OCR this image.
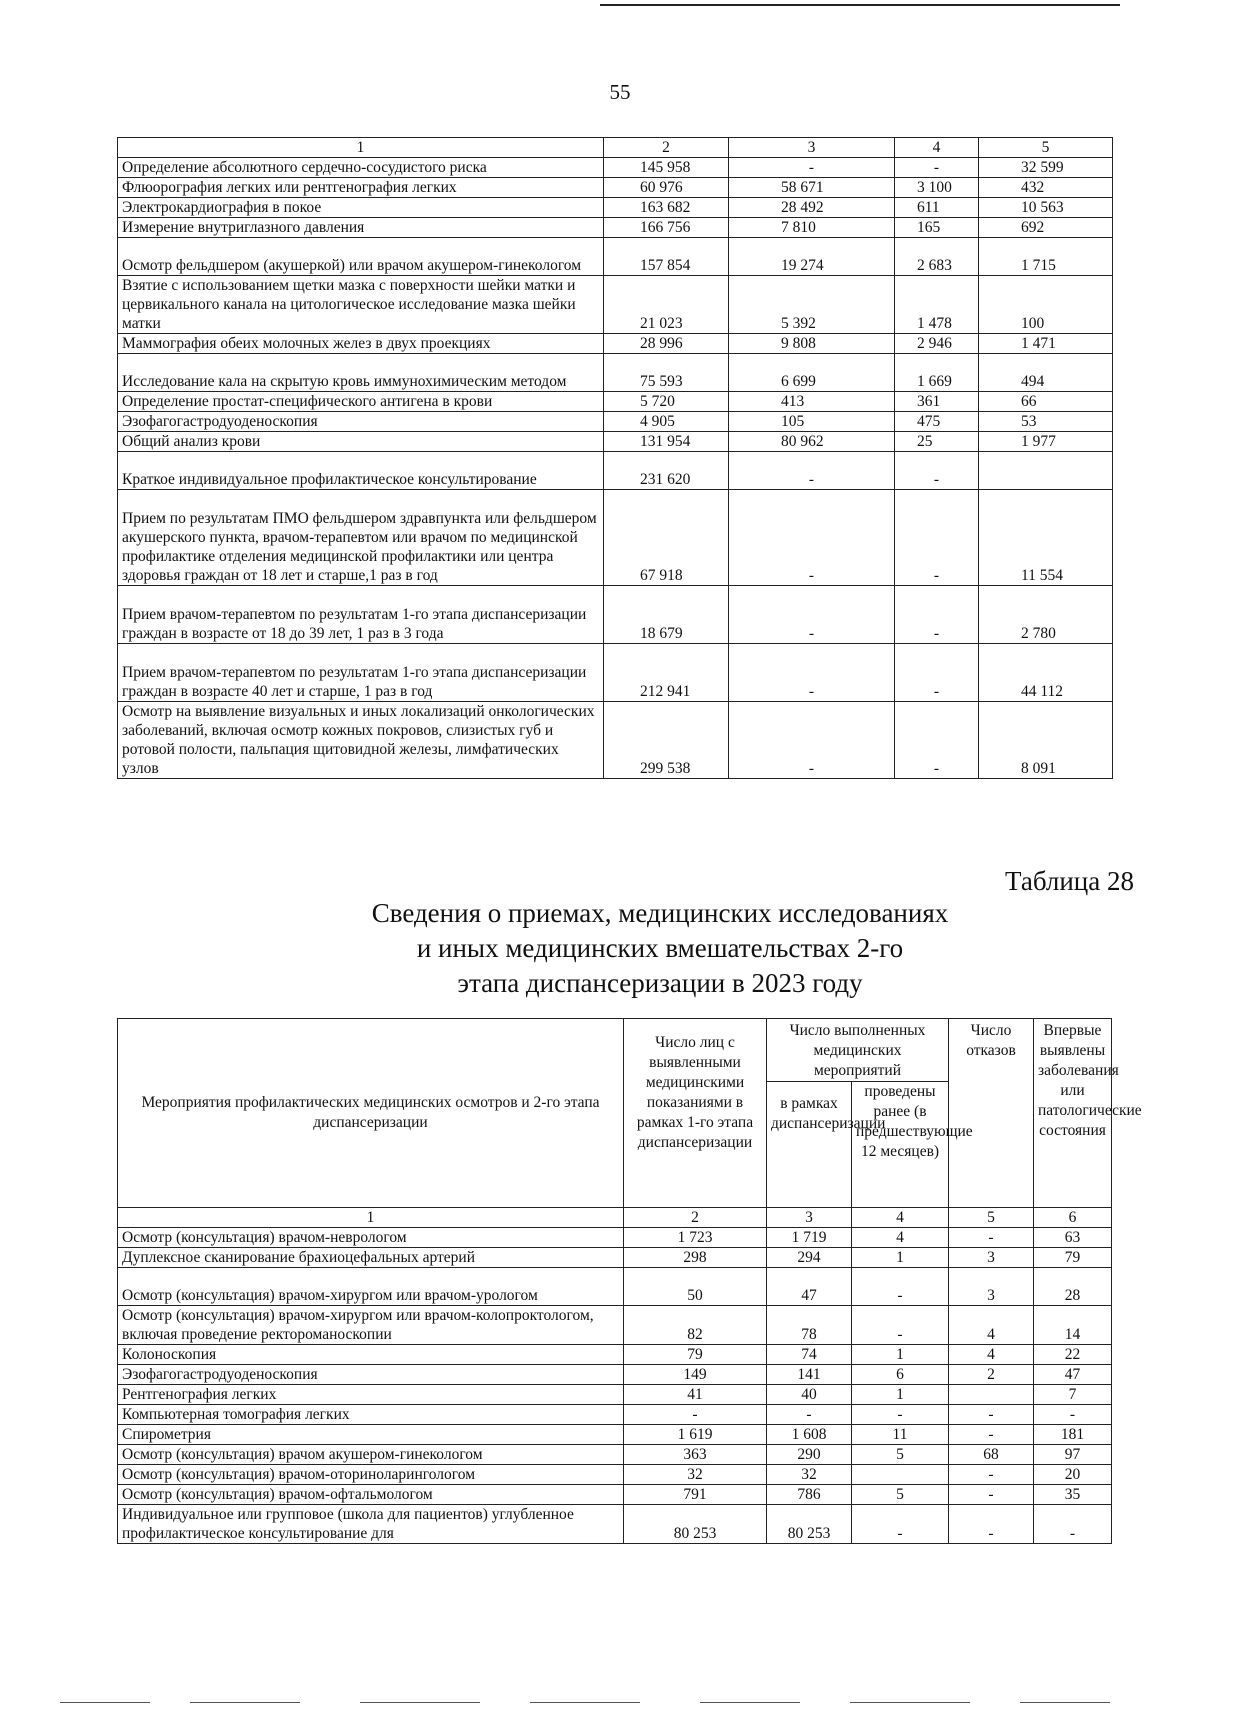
55
1	2	3	4	5
Определение абсолютного сердечно-сосудистого риска	145 958	-	-	32 599
Флюорография легких или рентгенография легких	60 976	58 671	3 100	432
Электрокардиография в покое	163 682	28 492	611	10 563
Измерение внутриглазного давления	166 756	7 810	165	692
Осмотр фельдшером (акушеркой) или врачом акушером-гинекологом	157 854	19 274	2 683	1 715
Взятие с использованием щетки мазка с поверхности шейки матки и цервикального канала на цитологическое исследование мазка шейки матки	21 023	5 392	1 478	100
Маммография обеих молочных желез в двух проекциях	28 996	9 808	2 946	1 471
Исследование кала на скрытую кровь иммунохимическим методом	75 593	6 699	1 669	494
Определение простат-специфического антигена в крови	5 720	413	361	66
Эзофагогастродуоденоскопия	4 905	105	475	53
Общий анализ крови	131 954	80 962	25	1 977
Краткое индивидуальное профилактическое консультирование	231 620	-	-	
Прием по результатам ПМО фельдшером здравпункта или фельдшером акушерского пункта, врачом-терапевтом или врачом по медицинской профилактике отделения медицинской профилактики или центра здоровья граждан от 18 лет и старше,1 раз в год	67 918	-	-	11 554
Прием врачом-терапевтом по результатам 1-го этапа диспансеризации граждан в возрасте от 18 до 39 лет, 1 раз в 3 года	18 679	-	-	2 780
Прием врачом-терапевтом по результатам 1-го этапа диспансеризации граждан в возрасте 40 лет и старше, 1 раз в год	212 941	-	-	44 112
Осмотр на выявление визуальных и иных локализаций онкологических заболеваний, включая осмотр кожных покровов, слизистых губ и ротовой полости, пальпация щитовидной железы, лимфатических узлов	299 538	-	-	8 091
Таблица 28
Сведения о приемах, медицинских исследованиях
и иных медицинских вмешательствах 2-го
этапа диспансеризации в 2023 году
Мероприятия профилактических медицинских осмотров и 2-го этапа диспансеризации	Число лиц с выявленными медицинскими показаниями в рамках 1-го этапа диспансеризации	Число выполненных медицинских мероприятий		Число отказов	Впервые выявлены заболевания или патологические состояния
		в рамках диспансеризации	проведены ранее (в предшествующие 12 месяцев)		
1	2	3	4	5	6
Осмотр (консультация) врачом-неврологом	1 723	1 719	4	-	63
Дуплексное сканирование брахиоцефальных артерий	298	294	1	3	79
Осмотр (консультация) врачом-хирургом или врачом-урологом	50	47	-	3	28
Осмотр (консультация) врачом-хирургом или врачом-колопроктологом, включая проведение ректороманоскопии	82	78	-	4	14
Колоноскопия	79	74	1	4	22
Эзофагогастродуоденоскопия	149	141	6	2	47
Рентгенография легких	41	40	1		7
Компьютерная томография легких	-	-	-	-	-
Спирометрия	1 619	1 608	11	-	181
Осмотр (консультация) врачом акушером-гинекологом	363	290	5	68	97
Осмотр (консультация) врачом-оториноларингологом	32	32		-	20
Осмотр (консультация) врачом-офтальмологом	791	786	5	-	35
Индивидуальное или групповое (школа для пациентов) углубленное профилактическое консультирование для	80 253	80 253	-	-	-
